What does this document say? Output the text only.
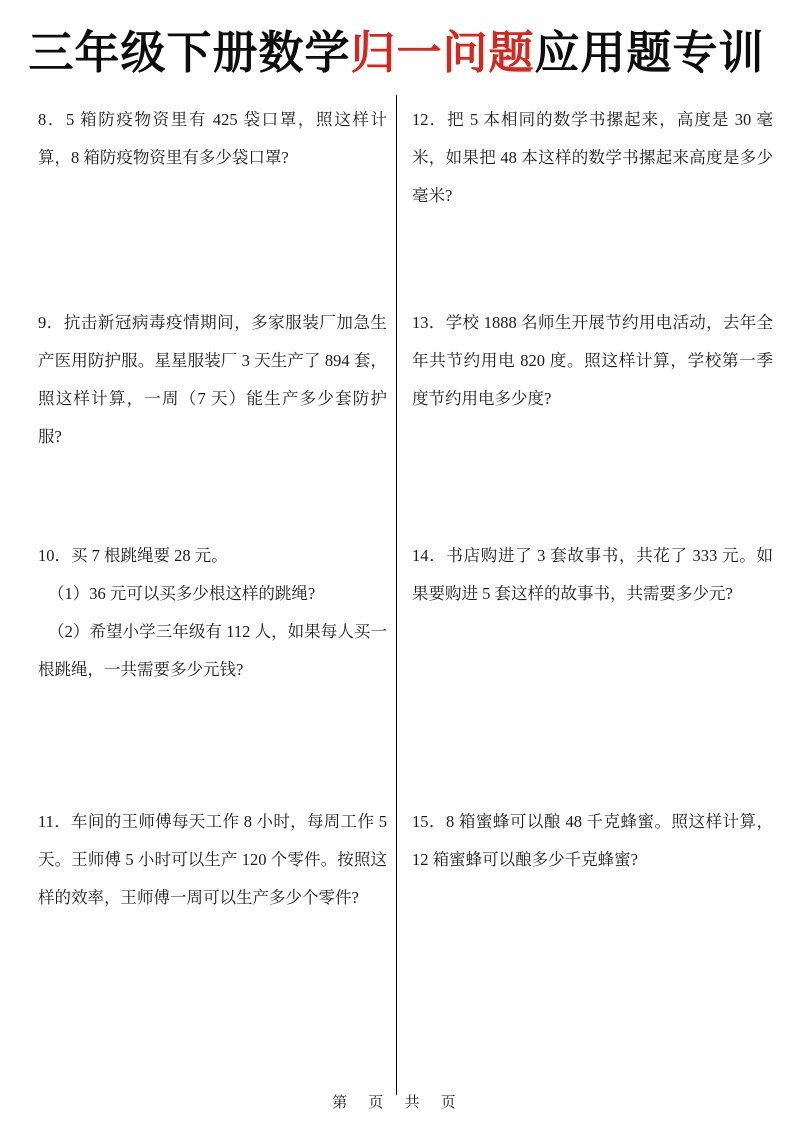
三年级下册数学归一问题应用题专训

8．5 箱防疫物资里有 425 袋口罩，照这样计算，8 箱防疫物资里有多少袋口罩?

9．抗击新冠病毒疫情期间，多家服装厂加急生产医用防护服。星星服装厂 3 天生产了 894 套，照这样计算，一周（7 天）能生产多少套防护服?

10．买 7 根跳绳要 28 元。

（1）36 元可以买多少根这样的跳绳?

（2）希望小学三年级有 112 人，如果每人买一根跳绳，一共需要多少元钱?

11．车间的王师傅每天工作 8 小时，每周工作 5 天。王师傅 5 小时可以生产 120 个零件。按照这样的效率，王师傅一周可以生产多少个零件?

12．把 5 本相同的数学书摞起来，高度是 30 毫米，如果把 48 本这样的数学书摞起来高度是多少毫米?

13．学校 1888 名师生开展节约用电活动，去年全年共节约用电 820 度。照这样计算，学校第一季度节约用电多少度?

14．书店购进了 3 套故事书，共花了 333 元。如果要购进 5 套这样的故事书，共需要多少元?

15．8 箱蜜蜂可以酿 48 千克蜂蜜。照这样计算，12 箱蜜蜂可以酿多少千克蜂蜜?

第 页 共 页
